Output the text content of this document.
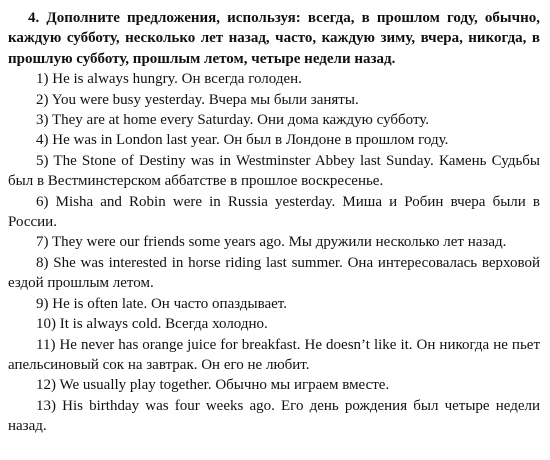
4. Дополните предложения, используя: всегда, в прошлом году, обычно, каждую субботу, несколько лет назад, часто, каждую зиму, вчера, никогда, в прошлую субботу, прошлым летом, четыре недели назад.

1) He is always hungry. Он всегда голоден.

2) You were busy yesterday. Вчера мы были заняты.

3) They are at home every Saturday. Они дома каждую субботу.

4) He was in London last year. Он был в Лондоне в прошлом году.

5) The Stone of Destiny was in Westminster Abbey last Sunday. Камень Судьбы был в Вестминстерском аббатстве в прошлое воскресенье.

6) Misha and Robin were in Russia yesterday. Миша и Робин вчера были в России.

7) They were our friends some years ago. Мы дружили несколько лет назад.

8) She was interested in horse riding last summer. Она интересовалась верховой ездой прошлым летом.

9) He is often late. Он часто опаздывает.

10) It is always cold. Всегда холодно.

11) He never has orange juice for breakfast. He doesn’t like it. Он никогда не пьет апельсиновый сок на завтрак. Он его не любит.

12) We usually play together. Обычно мы играем вместе.

13) His birthday was four weeks ago. Его день рождения был четыре недели назад.
